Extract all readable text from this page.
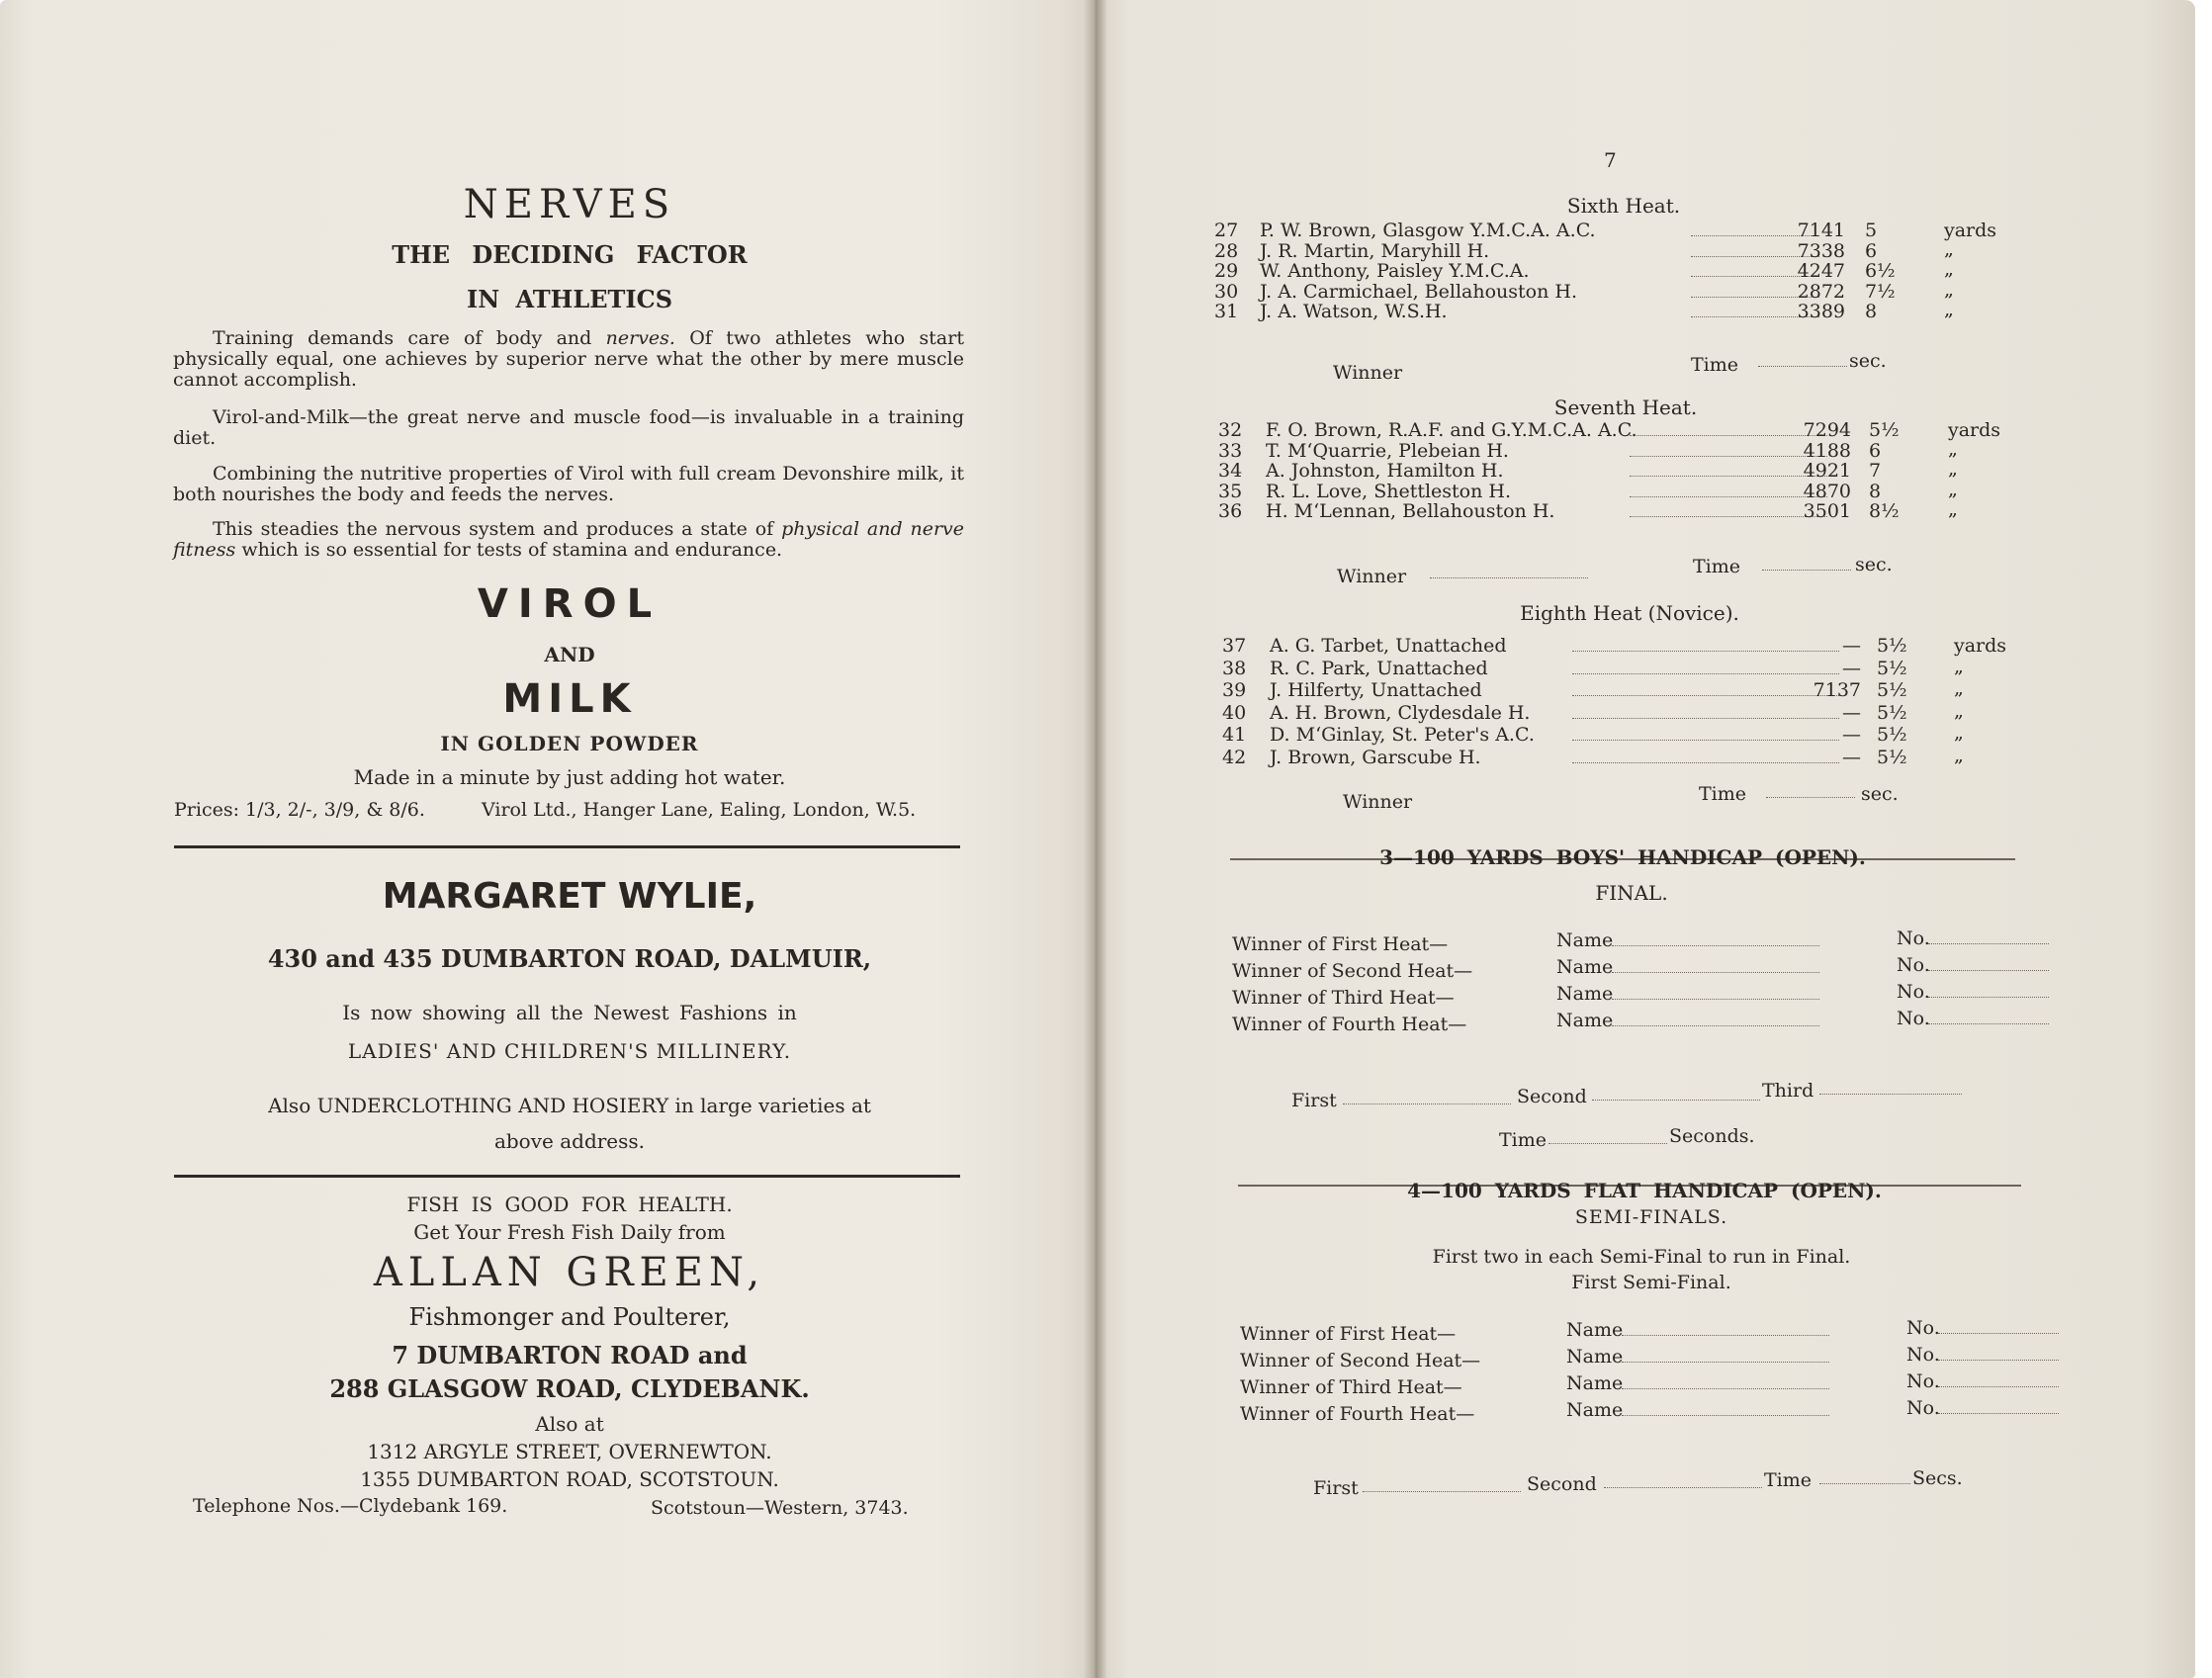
NERVES
THE DECIDING FACTOR
IN ATHLETICS
Training demands care of body and nerves. Of two athletes who start physically equal, one achieves by superior nerve what the other by mere muscle cannot accomplish.
Virol-and-Milk—the great nerve and muscle food—is invaluable in a training diet.
Combining the nutritive properties of Virol with full cream Devonshire milk, it both nourishes the body and feeds the nerves.
This steadies the nervous system and produces a state of physical and nerve fitness which is so essential for tests of stamina and endurance.
VIROL
AND
MILK
IN GOLDEN POWDER
Made in a minute by just adding hot water.
Prices: 1/3, 2/-, 3/9, & 8/6.	Virol Ltd., Hanger Lane, Ealing, London, W.5.
MARGARET WYLIE,
430 and 435 DUMBARTON ROAD, DALMUIR,
Is now showing all the Newest Fashions in
LADIES' AND CHILDREN'S MILLINERY.
Also UNDERCLOTHING AND HOSIERY in large varieties at
above address.
FISH IS GOOD FOR HEALTH.
Get Your Fresh Fish Daily from
ALLAN GREEN,
Fishmonger and Poulterer,
7 DUMBARTON ROAD and
288 GLASGOW ROAD, CLYDEBANK.
Also at
1312 ARGYLE STREET, OVERNEWTON.
1355 DUMBARTON ROAD, SCOTSTOUN.
Telephone Nos.—Clydebank 169.	Scotstoun—Western, 3743.
7
Sixth Heat.
27 P. W. Brown, Glasgow Y.M.C.A. A.C.	7141 5	yards
28 J. R. Martin, Maryhill H.	7338 6	„
29 W. Anthony, Paisley Y.M.C.A.	4247 6½	„
30 J. A. Carmichael, Bellahouston H.	2872 7½	„
31 J. A. Watson, W.S.H.	3389 8	„
Winner	Time	sec.
Seventh Heat.
32 F. O. Brown, R.A.F. and G.Y.M.C.A. A.C.	7294 5½	yards
33 T. M‘Quarrie, Plebeian H.	4188 6	„
34 A. Johnston, Hamilton H.	4921 7	„
35 R. L. Love, Shettleston H.	4870 8	„
36 H. M‘Lennan, Bellahouston H.	3501 8½	„
Winner	Time	sec.
Eighth Heat (Novice).
37 A. G. Tarbet, Unattached	— 5½ yards
38 R. C. Park, Unattached	— 5½ „
39 J. Hilferty, Unattached	7137 5½ „
40 A. H. Brown, Clydesdale H.	— 5½ „
41 D. M‘Ginlay, St. Peter's A.C.	— 5½ „
42 J. Brown, Garscube H.	— 5½ „
Winner	Time	sec.
3—100 YARDS BOYS' HANDICAP (OPEN).
FINAL.
Winner of First Heat—	Name	No.
Winner of Second Heat—	Name	No.
Winner of Third Heat—	Name	No.
Winner of Fourth Heat—	Name	No.
First	Second	Third
Time	Seconds.
4—100 YARDS FLAT HANDICAP (OPEN).
SEMI-FINALS.
First two in each Semi-Final to run in Final.
First Semi-Final.
Winner of First Heat—	Name	No.
Winner of Second Heat—	Name	No.
Winner of Third Heat—	Name	No.
Winner of Fourth Heat—	Name	No.
First	Second	Time	Secs.
